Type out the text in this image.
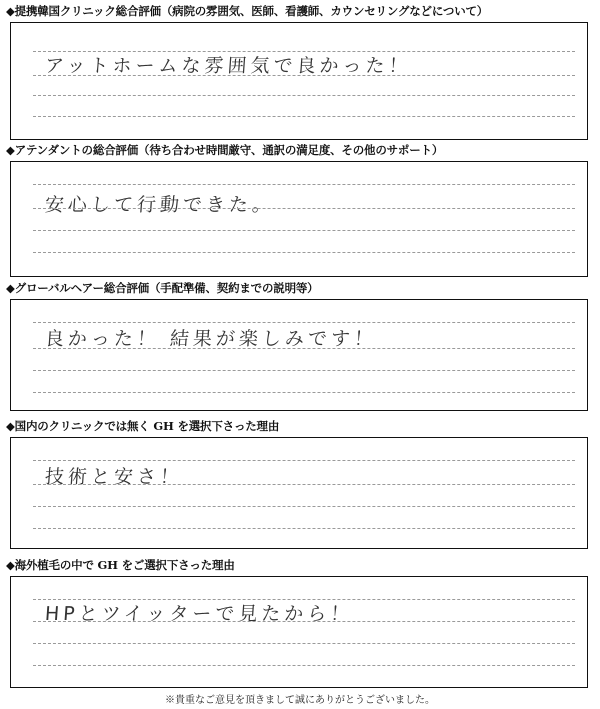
◆提携韓国クリニック総合評価（病院の雰囲気、医師、看護師、カウンセリングなどについて）
アットホームな雰囲気で良かった！
◆アテンダントの総合評価（待ち合わせ時間厳守、通訳の満足度、その他のサポート）
安心して行動できた。
◆グローバルヘアー総合評価（手配準備、契約までの説明等）
良かった！ 結果が楽しみです！
◆国内のクリニックでは無く GH を選択下さった理由
技術と安さ！
◆海外植毛の中で GH をご選択下さった理由
HPとツイッターで見たから！
※貴重なご意見を頂きまして誠にありがとうございました。
